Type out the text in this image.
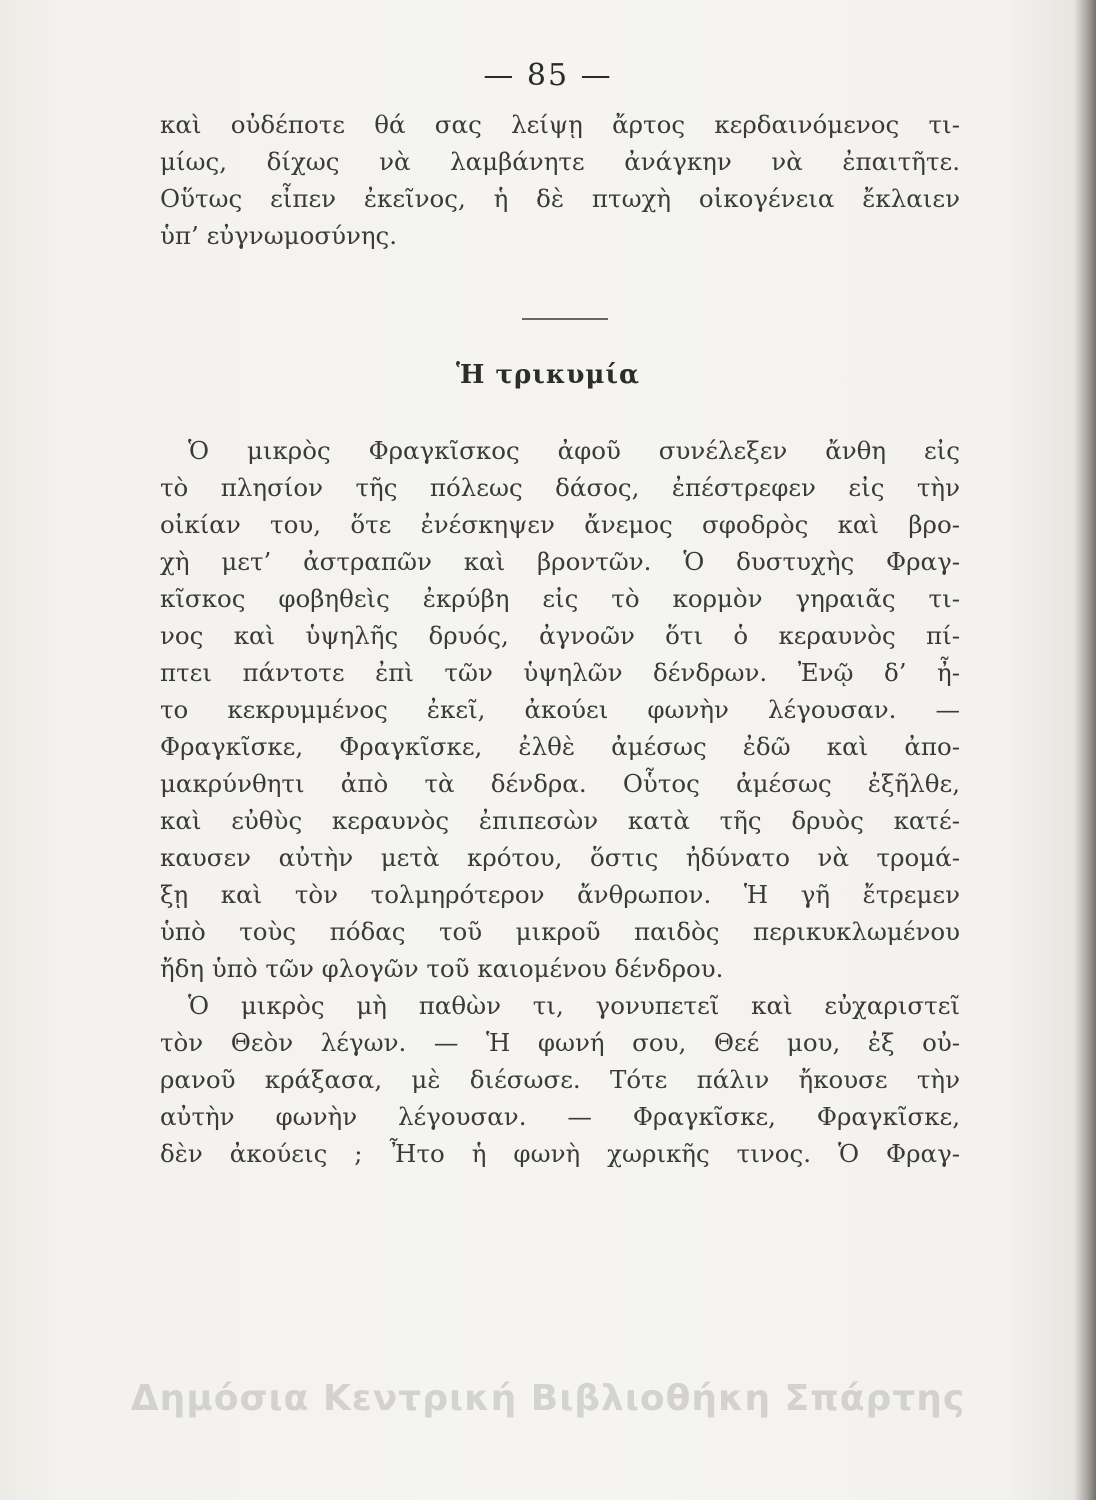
— 85 —
καὶ οὐδέποτε θά σας λείψῃ ἄρτος κερδαινόμενος τι-
μίως, δίχως νὰ λαμβάνητε ἀνάγκην νὰ ἐπαιτῆτε.
Οὕτως εἶπεν ἐκεῖνος, ἡ δὲ πτωχὴ οἰκογένεια ἔκλαιεν
ὑπ’ εὐγνωμοσύνης.
Ἡ τρικυμία
Ὁ μικρὸς Φραγκῖσκος ἀφοῦ συνέλεξεν ἄνθη εἰς
τὸ πλησίον τῆς πόλεως δάσος, ἐπέστρεφεν εἰς τὴν
οἰκίαν του, ὅτε ἐνέσκηψεν ἄνεμος σφοδρὸς καὶ βρο-
χὴ μετ’ ἀστραπῶν καὶ βροντῶν. Ὁ δυστυχὴς Φραγ-
κῖσκος φοβηθεὶς ἐκρύβη εἰς τὸ κορμὸν γηραιᾶς τι-
νος καὶ ὑψηλῆς δρυός, ἀγνοῶν ὅτι ὁ κεραυνὸς πί-
πτει πάντοτε ἐπὶ τῶν ὑψηλῶν δένδρων. Ἐνῷ δ’ ἦ-
το κεκρυμμένος ἐκεῖ, ἀκούει φωνὴν λέγουσαν. —
Φραγκῖσκε, Φραγκῖσκε, ἐλθὲ ἀμέσως ἐδῶ καὶ ἀπο-
μακρύνθητι ἀπὸ τὰ δένδρα. Οὗτος ἀμέσως ἐξῆλθε,
καὶ εὐθὺς κεραυνὸς ἐπιπεσὼν κατὰ τῆς δρυὸς κατέ-
καυσεν αὐτὴν μετὰ κρότου, ὅστις ἠδύνατο νὰ τρομά-
ξῃ καὶ τὸν τολμηρότερον ἄνθρωπον. Ἡ γῆ ἔτρεμεν
ὑπὸ τοὺς πόδας τοῦ μικροῦ παιδὸς περικυκλωμένου
ἤδη ὑπὸ τῶν φλογῶν τοῦ καιομένου δένδρου.
Ὁ μικρὸς μὴ παθὼν τι, γονυπετεῖ καὶ εὐχαριστεῖ
τὸν Θεὸν λέγων. — Ἡ φωνή σου, Θεέ μου, ἐξ οὐ-
ρανοῦ κράξασα, μὲ διέσωσε. Τότε πάλιν ἤκουσε τὴν
αὐτὴν φωνὴν λέγουσαν. — Φραγκῖσκε, Φραγκῖσκε,
δὲν ἀκούεις ; Ἦτο ἡ φωνὴ χωρικῆς τινος. Ὁ Φραγ-
Δημόσια Κεντρική Βιβλιοθήκη Σπάρτης
